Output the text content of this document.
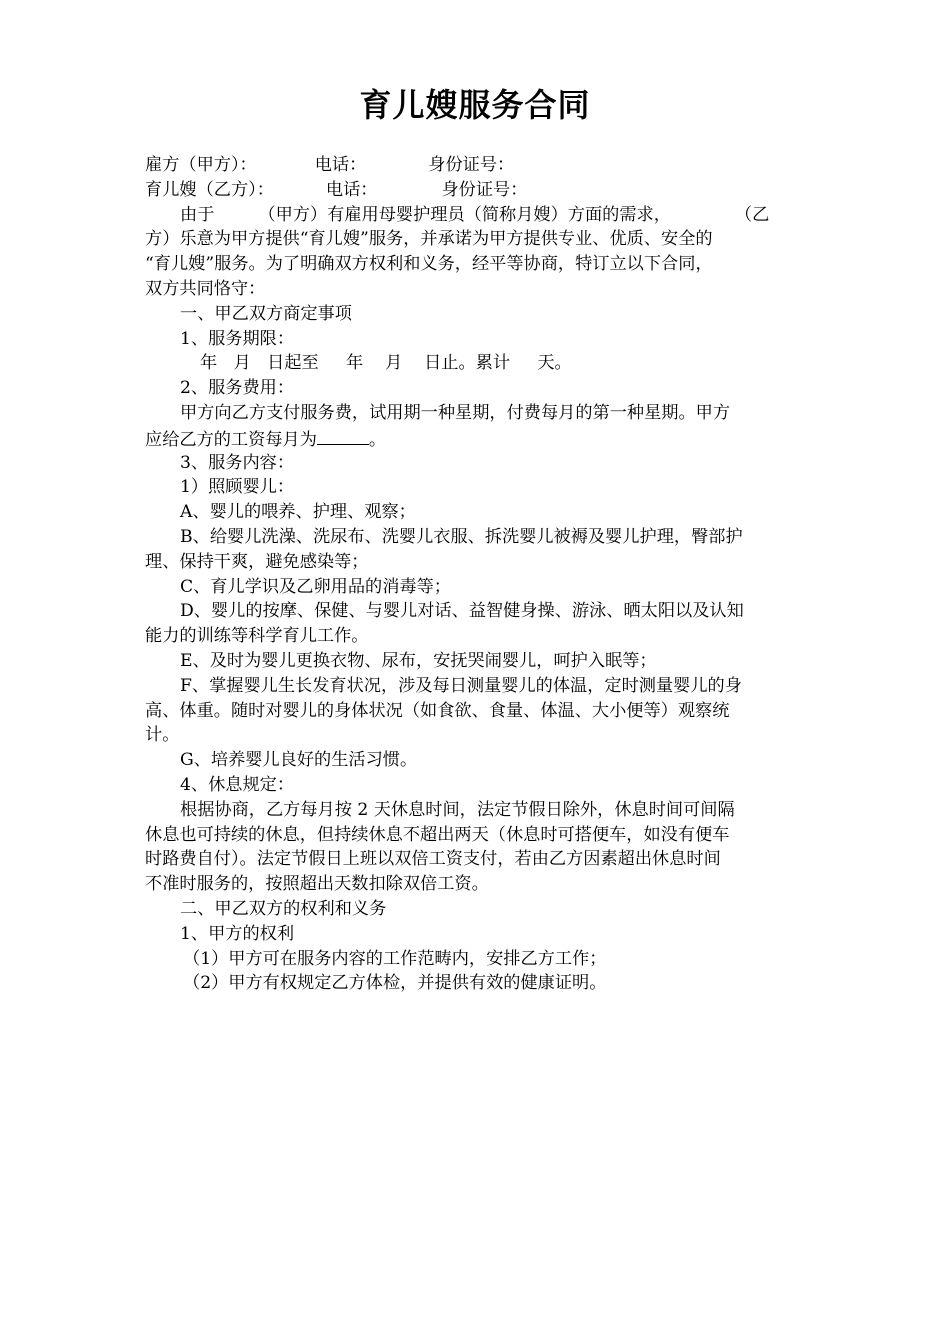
育儿嫂服务合同
雇方（甲方）：	电话：	身份证号：
育儿嫂（乙方）：	电话：	身份证号：
由于	（甲方）有雇用母婴护理员（简称月嫂）方面的需求，	（乙
方）乐意为甲方提供“育儿嫂”服务，并承诺为甲方提供专业、优质、安全的
“育儿嫂”服务。为了明确双方权利和义务，经平等协商，特订立以下合同，
双方共同恪守：
一、甲乙双方商定事项
1、服务期限：
年   月   日起至     年    月    日止。累计     天。
2、服务费用：
甲方向乙方支付服务费，试用期一种星期，付费每月的第一种星期。甲方
应给乙方的工资每月为	。
3、服务内容：
1）照顾婴儿：
A、婴儿的喂养、护理、观察；
B、给婴儿洗澡、洗尿布、洗婴儿衣服、拆洗婴儿被褥及婴儿护理，臀部护
理、保持干爽，避免感染等；
C、育儿学识及乙卵用品的消毒等；
D、婴儿的按摩、保健、与婴儿对话、益智健身操、游泳、晒太阳以及认知
能力的训练等科学育儿工作。
E、及时为婴儿更换衣物、尿布，安抚哭闹婴儿，呵护入眠等；
F、掌握婴儿生长发育状况，涉及每日测量婴儿的体温，定时测量婴儿的身
高、体重。随时对婴儿的身体状况（如食欲、食量、体温、大小便等）观察统
计。
G、培养婴儿良好的生活习惯。
4、休息规定：
根据协商，乙方每月按 2 天休息时间，法定节假日除外，休息时间可间隔
休息也可持续的休息，但持续休息不超出两天（休息时可搭便车，如没有便车
时路费自付）。法定节假日上班以双倍工资支付，若由乙方因素超出休息时间
不准时服务的，按照超出天数扣除双倍工资。
二、甲乙双方的权利和义务
1、甲方的权利
（1）甲方可在服务内容的工作范畴内，安排乙方工作；
（2）甲方有权规定乙方体检，并提供有效的健康证明。
